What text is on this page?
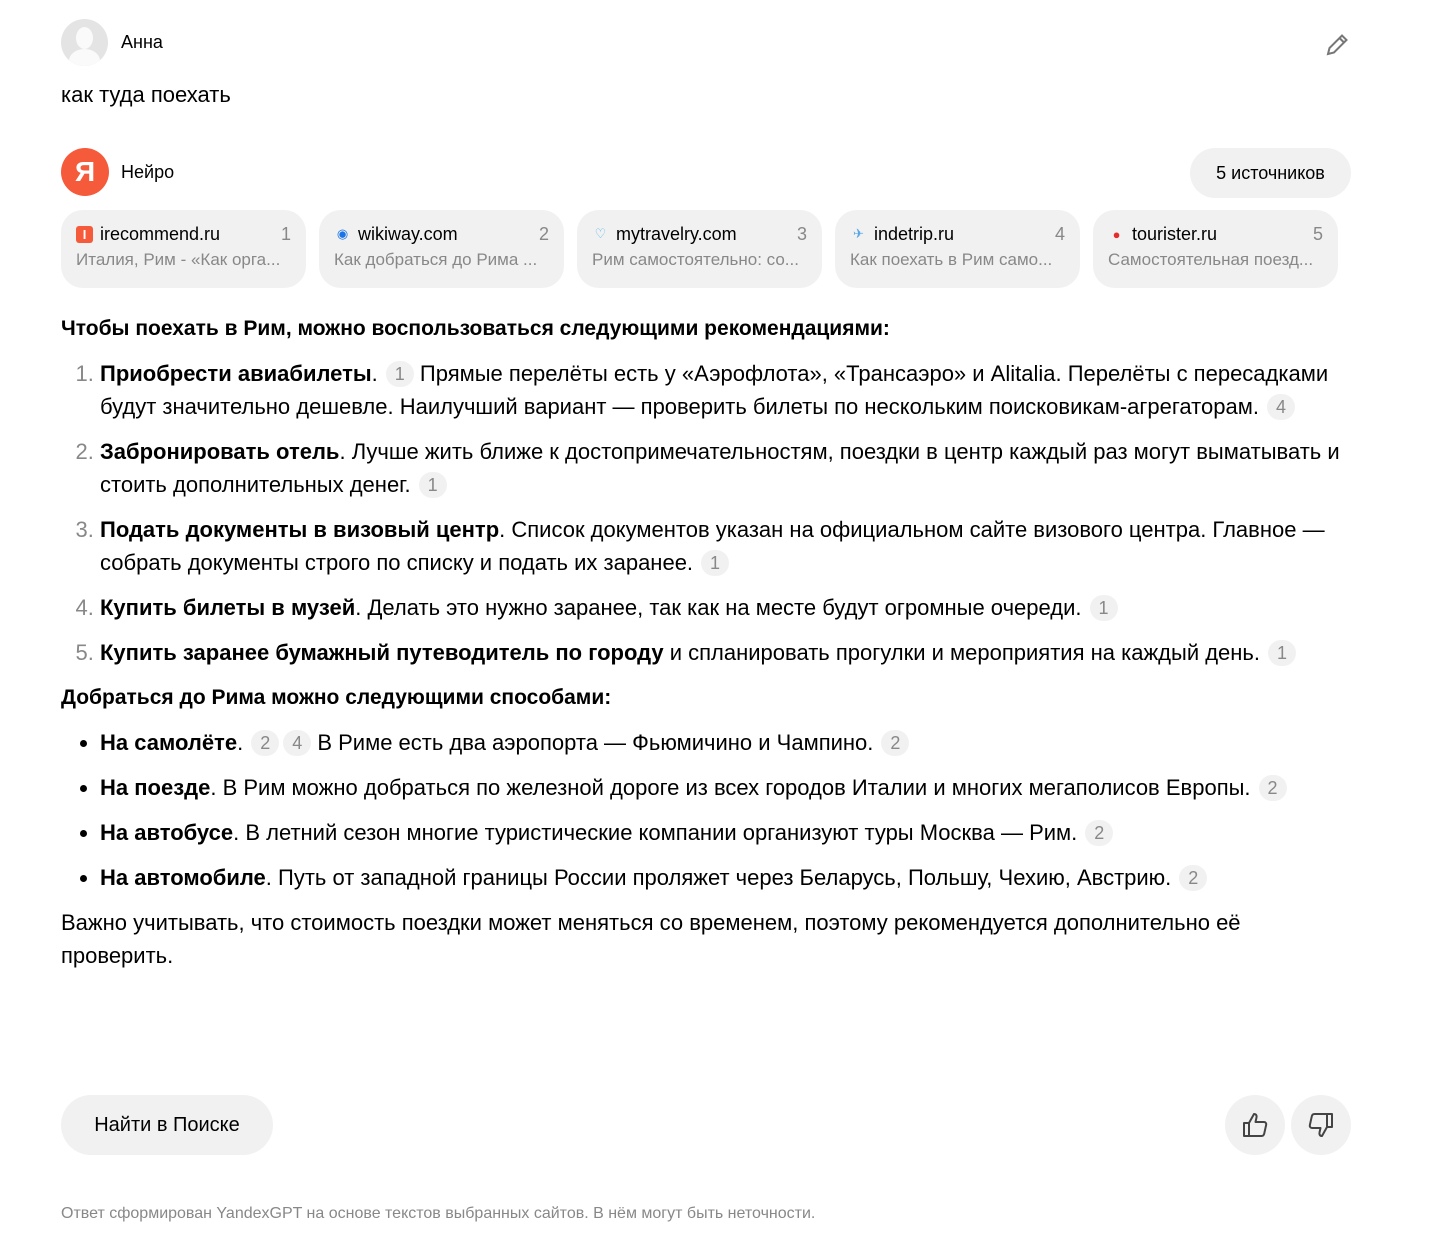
Анна
как туда поехать
Я	Нейро	5 источников
I irecommend.ru	1
Италия, Рим - «Как орга...
◉ wikiway.com	2
Как добраться до Рима ...
♡ mytravelry.com	3
Рим самостоятельно: со...
✈ indetrip.ru	4
Как поехать в Рим само...
● tourister.ru	5
Самостоятельная поезд...
Чтобы поехать в Рим, можно воспользоваться следующими рекомендациями:
1. Приобрести авиабилеты. 1 Прямые перелёты есть у «Аэрофлота», «Трансаэро» и Alitalia. Перелёты с пересадками будут значительно дешевле. Наилучший вариант — проверить билеты по нескольким поисковикам-агрегаторам. 4
2. Забронировать отель. Лучше жить ближе к достопримечательностям, поездки в центр каждый раз могут выматывать и стоить дополнительных денег. 1
3. Подать документы в визовый центр. Список документов указан на официальном сайте визового центра. Главное — собрать документы строго по списку и подать их заранее. 1
4. Купить билеты в музей. Делать это нужно заранее, так как на месте будут огромные очереди. 1
5. Купить заранее бумажный путеводитель по городу и спланировать прогулки и мероприятия на каждый день. 1
Добраться до Рима можно следующими способами:
• На самолёте. 2 4 В Риме есть два аэропорта — Фьюмичино и Чампино. 2
• На поезде. В Рим можно добраться по железной дороге из всех городов Италии и многих мегаполисов Европы. 2
• На автобусе. В летний сезон многие туристические компании организуют туры Москва — Рим. 2
• На автомобиле. Путь от западной границы России проляжет через Беларусь, Польшу, Чехию, Австрию. 2

Важно учитывать, что стоимость поездки может меняться со временем, поэтому рекомендуется дополнительно её проверить.

Найти в Поиске
Ответ сформирован YandexGPT на основе текстов выбранных сайтов. В нём могут быть неточности.
